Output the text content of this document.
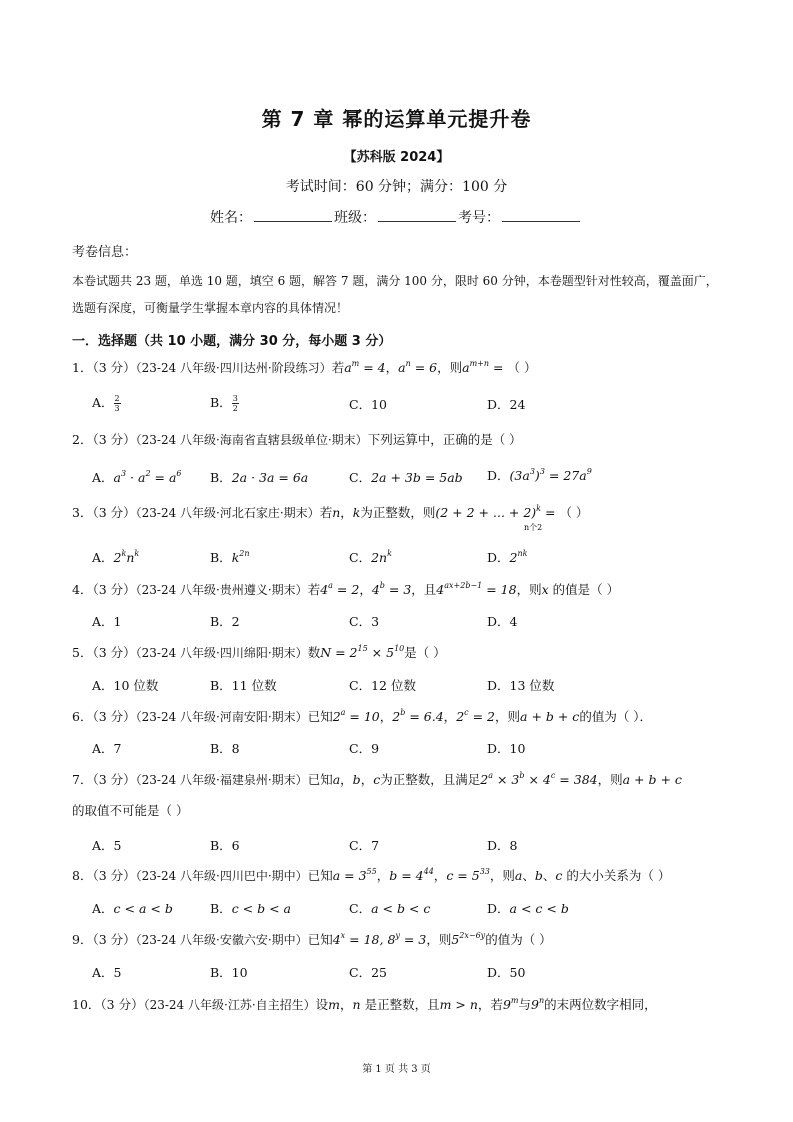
第 7 章 幂的运算单元提升卷
【苏科版 2024】
考试时间：60 分钟；满分：100 分
姓名：	班级：	考号：
考卷信息：
本卷试题共 23 题，单选 10 题，填空 6 题，解答 7 题，满分 100 分，限时 60 分钟，本卷题型针对性较高，覆盖面广，选题有深度，可衡量学生掌握本章内容的具体情况！
一．选择题（共 10 小题，满分 30 分，每小题 3 分）
1．（3 分）（23-24 八年级·四川达州·阶段练习）若$a^m = 4$，$a^n = 6$，则$a^{m+n}$ = （ ）
A． $\frac{2}{3}$	B． $\frac{3}{2}$	C．10	D．24
2．（3 分）（23-24 八年级·海南省直辖县级单位·期末）下列运算中，正确的是（ ）
A．$a^3 \cdot a^2 = a^6$ B．2a · 3a = 6a	C．2a + 3b = 5ab D．$(3a^3)^3 = 27a^9$
3．（3 分）（23-24 八年级·河北石家庄·期末）若n，k为正整数，则(2 + 2 + ... + 2)$^k$ = （ ）
n个2
A．$2^kn^k$	B．$k^{2n}$	C．$2n^k$	D．$2^{nk}$
4．（3 分）（23-24 八年级·贵州遵义·期末）若$4^a = 2$，$4^b = 3$，且$4^{ax+2b-1} = 18$，则x 的值是（ ）
A．1	B．2	C．3	D．4
5．（3 分）（23-24 八年级·四川绵阳·期末）数$N = 2^{15} \times 5^{10}$是（ ）
A．10 位数	B．11 位数	C．12 位数	D．13 位数
6．（3 分）（23-24 八年级·河南安阳·期末）已知$2^a = 10$，$2^b = 6.4$，$2^c = 2$，则a + b + c的值为（ ）．
A．7	B．8	C．9	D．10
7．（3 分）（23-24 八年级·福建泉州·期末）已知a，b，c为正整数，且满足$2^a \times 3^b \times 4^c = 384$，则a + b + c
的取值不可能是（ ）
A．5	B．6	C．7	D．8
8．（3 分）（23-24 八年级·四川巴中·期中）已知$a = 3^{55}$，$b = 4^{44}$，$c = 5^{33}$，则a、b、c 的大小关系为（ ）
A．c < a < b	B．c < b < a	C．a < b < c	D．a < c < b
9．（3 分）（23-24 八年级·安徽六安·期中）已知$4^x = 18$, $8^y = 3$，则$5^{2x-6y}$的值为（ ）
A．5	B．10	C．25	D．50
10．（3 分）（23-24 八年级·江苏·自主招生）设m，n 是正整数，且m > n，若9$^m$与9$^n$的末两位数字相同，
第 1 页 共 3 页
